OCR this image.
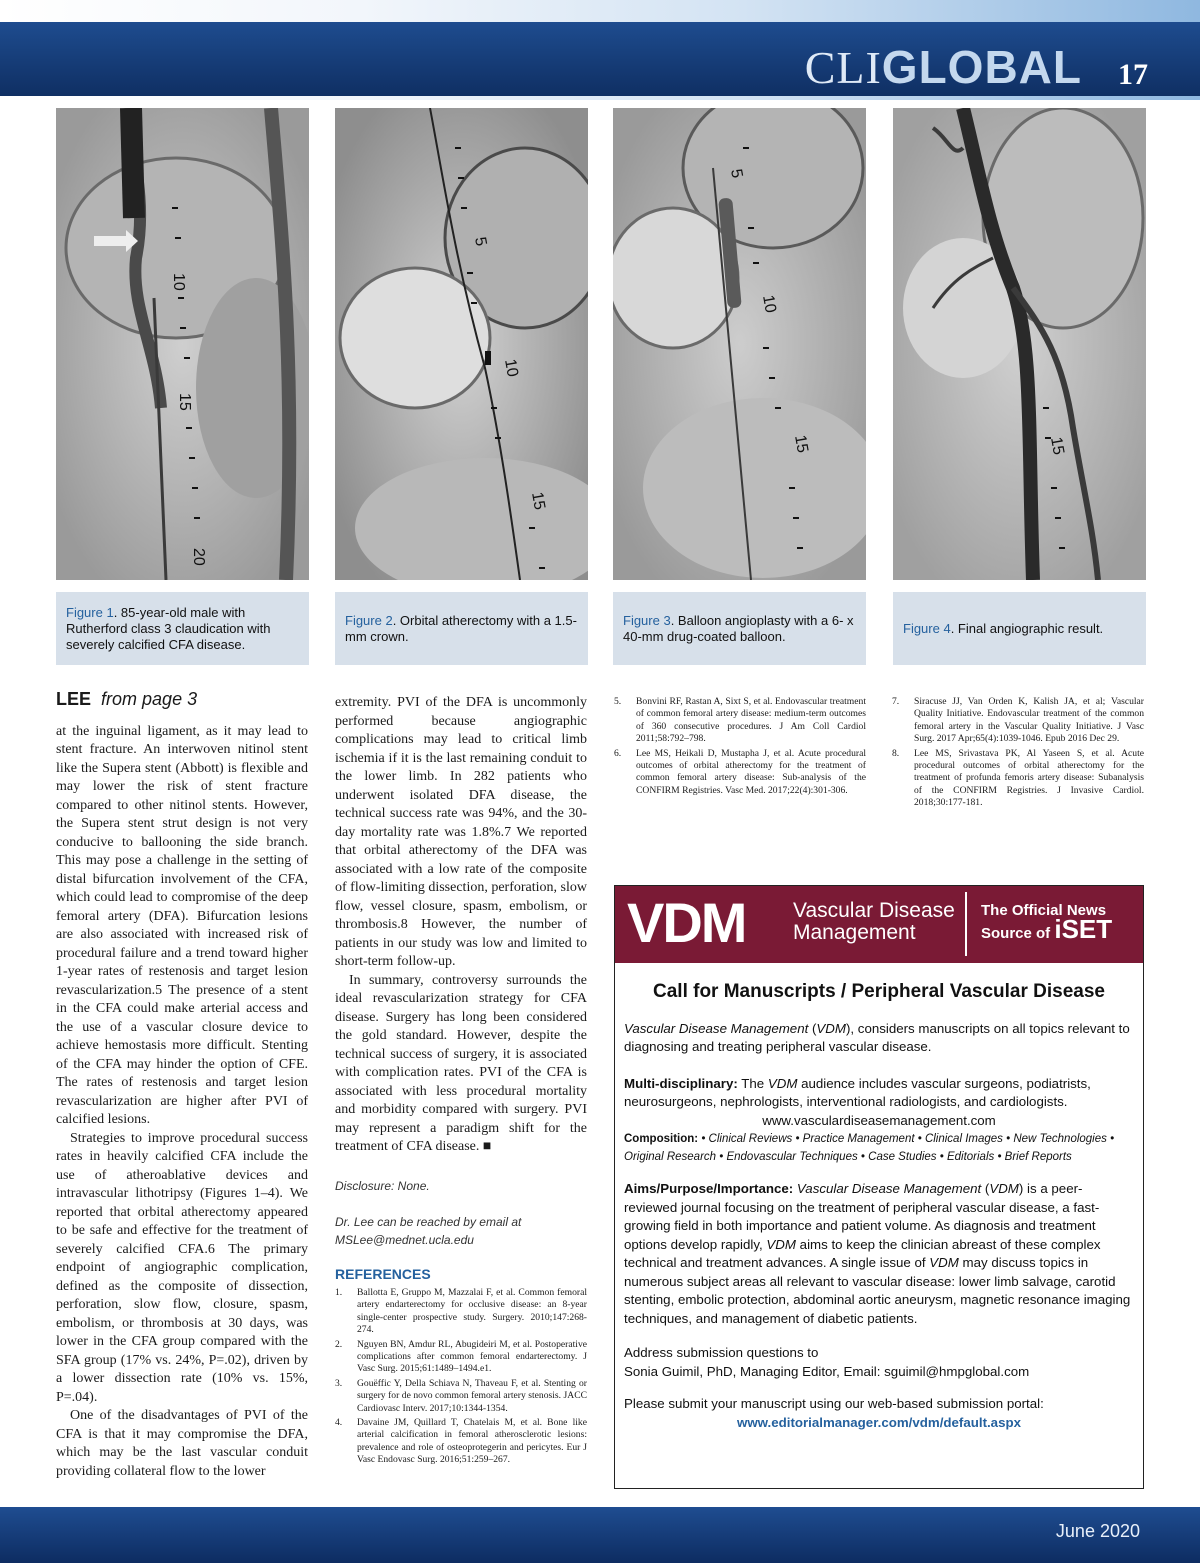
CLIGLOBAL 17
10
15
20
5
10
15
5
10
15	15
Figure 1. 85-year-old male with Rutherford class 3 claudication with severely calcified CFA disease.
Figure 2. Orbital atherectomy with a 1.5-mm crown.
Figure 3. Balloon angioplasty with a 6- x 40-mm drug-coated balloon.
Figure 4. Final angiographic result.
LEE from page 3

at the inguinal ligament, as it may lead to stent fracture. An interwoven nitinol stent like the Supera stent (Abbott) is flexible and may lower the risk of stent fracture compared to other nitinol stents. However, the Supera stent strut design is not very conducive to ballooning the side branch. This may pose a challenge in the setting of distal bifurcation involvement of the CFA, which could lead to compromise of the deep femoral artery (DFA). Bifurcation lesions are also associated with increased risk of procedural failure and a trend toward higher 1-year rates of restenosis and target lesion revascularization.5 The presence of a stent in the CFA could make arterial access and the use of a vascular closure device to achieve hemostasis more difficult. Stenting of the CFA may hinder the option of CFE. The rates of restenosis and target lesion revascularization are higher after PVI of calcified lesions.

Strategies to improve procedural success rates in heavily calcified CFA include the use of atheroablative devices and intravascular lithotripsy (Figures 1–4). We reported that orbital atherectomy appeared to be safe and effective for the treatment of severely calcified CFA.6 The primary endpoint of angiographic complication, defined as the composite of dissection, perforation, slow flow, closure, spasm, embolism, or thrombosis at 30 days, was lower in the CFA group compared with the SFA group (17% vs. 24%, P=.02), driven by a lower dissection rate (10% vs. 15%, P=.04).

One of the disadvantages of PVI of the CFA is that it may compromise the DFA, which may be the last vascular conduit providing collateral flow to the lower

extremity. PVI of the DFA is uncommonly performed because angiographic complications may lead to critical limb ischemia if it is the last remaining conduit to the lower limb. In 282 patients who underwent isolated DFA disease, the technical success rate was 94%, and the 30-day mortality rate was 1.8%.7 We reported that orbital atherectomy of the DFA was associated with a low rate of the composite of flow-limiting dissection, perforation, slow flow, vessel closure, spasm, embolism, or thrombosis.8 However, the number of patients in our study was low and limited to short-term follow-up.

In summary, controversy surrounds the ideal revascularization strategy for CFA disease. Surgery has long been considered the gold standard. However, despite the technical success of surgery, it is associated with complication rates. PVI of the CFA is associated with less procedural mortality and morbidity compared with surgery. PVI may represent a paradigm shift for the treatment of CFA disease. ■

Disclosure: None.

Dr. Lee can be reached by email at MSLee@mednet.ucla.edu

REFERENCES
1.	Ballotta E, Gruppo M, Mazzalai F, et al. Common femoral artery endarterectomy for occlusive disease: an 8-year single-center prospective study. Surgery. 2010;147:268-274.
2.	Nguyen BN, Amdur RL, Abugideiri M, et al. Postoperative complications after common femoral endarterectomy. J Vasc Surg. 2015;61:1489–1494.e1.
3.	Gouëffic Y, Della Schiava N, Thaveau F, et al. Stenting or surgery for de novo common femoral artery stenosis. JACC Cardiovasc Interv. 2017;10:1344-1354.
4.	Davaine JM, Quillard T, Chatelais M, et al. Bone like arterial calcification in femoral atherosclerotic lesions: prevalence and role of osteoprotegerin and pericytes. Eur J Vasc Endovasc Surg. 2016;51:259–267.
5.	Bonvini RF, Rastan A, Sixt S, et al. Endovascular treatment of common femoral artery disease: medium-term outcomes of 360 consecutive procedures. J Am Coll Cardiol 2011;58:792–798.
6.	Lee MS, Heikali D, Mustapha J, et al. Acute procedural outcomes of orbital atherectomy for the treatment of common femoral artery disease: Sub-analysis of the CONFIRM Registries. Vasc Med. 2017;22(4):301-306.
7.	Siracuse JJ, Van Orden K, Kalish JA, et al; Vascular Quality Initiative. Endovascular treatment of the common femoral artery in the Vascular Quality Initiative. J Vasc Surg. 2017 Apr;65(4):1039-1046. Epub 2016 Dec 29.
8.	Lee MS, Srivastava PK, Al Yaseen S, et al. Acute procedural outcomes of orbital atherectomy for the treatment of profunda femoris artery disease: Subanalysis of the CONFIRM Registries. J Invasive Cardiol. 2018;30:177-181.
VDM Vascular Disease
Management
The Official News
Source of iSET
Call for Manuscripts / Peripheral Vascular Disease

Vascular Disease Management (VDM), considers manuscripts on all topics relevant to diagnosing and treating peripheral vascular disease.

Multi-disciplinary: The VDM audience includes vascular surgeons, podiatrists, neurosurgeons, nephrologists, interventional radiologists, and cardiologists.

www.vasculardiseasemanagement.com

Composition: • Clinical Reviews • Practice Management • Clinical Images • New Technologies • Original Research • Endovascular Techniques • Case Studies • Editorials • Brief Reports

Aims/Purpose/Importance: Vascular Disease Management (VDM) is a peer-reviewed journal focusing on the treatment of peripheral vascular disease, a fast-growing field in both importance and patient volume. As diagnosis and treatment options develop rapidly, VDM aims to keep the clinician abreast of these complex technical and treatment advances. A single issue of VDM may discuss topics in numerous subject areas all relevant to vascular disease: lower limb salvage, carotid stenting, embolic protection, abdominal aortic aneurysm, magnetic resonance imaging techniques, and management of diabetic patients.

Address submission questions to
Sonia Guimil, PhD, Managing Editor, Email: sguimil@hmpglobal.com

Please submit your manuscript using our web-based submission portal:

www.editorialmanager.com/vdm/default.aspx

June 2020
